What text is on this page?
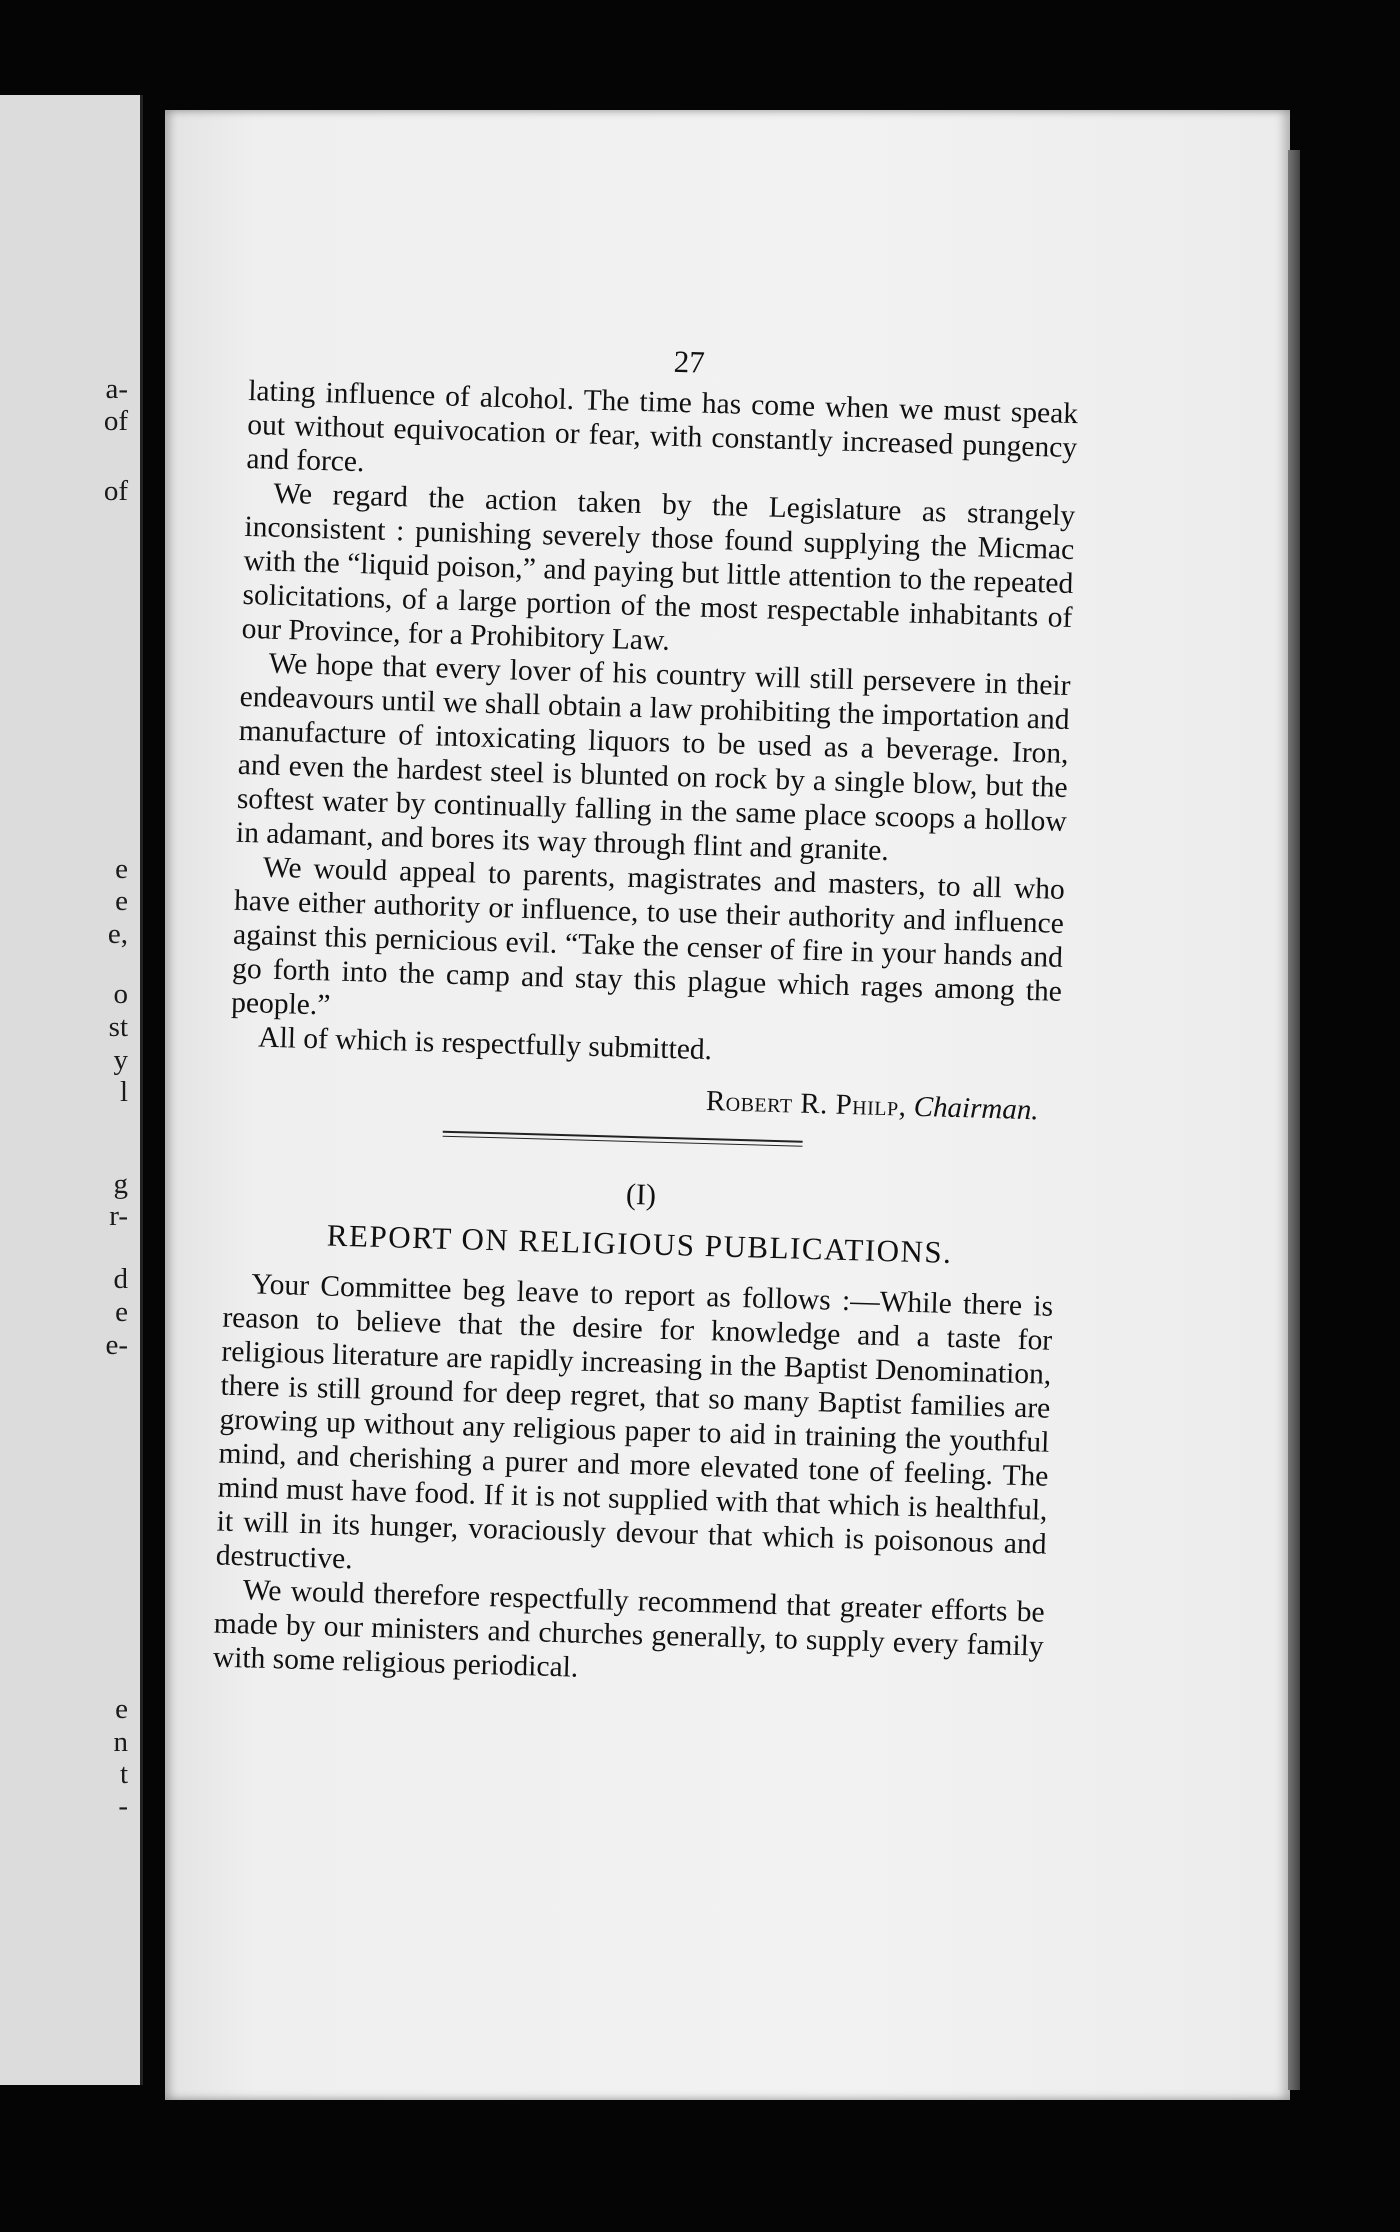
a-
of
of
e
e
e,
o
st
y
l
g
r-
d
e
e-
e
n
t
-
27

lating influence of alcohol. The time has come when we must speak out without equivocation or fear, with constantly increased pungency and force.

We regard the action taken by the Legislature as strangely inconsistent : punishing severely those found supplying the Micmac with the “liquid poison,” and paying but little attention to the repeated solicitations, of a large portion of the most respectable inhabitants of our Province, for a Prohibitory Law.

We hope that every lover of his country will still persevere in their endeavours until we shall obtain a law prohibiting the importation and manufacture of intoxicating liquors to be used as a beverage. Iron, and even the hardest steel is blunted on rock by a single blow, but the softest water by continually falling in the same place scoops a hollow in adamant, and bores its way through flint and granite.

We would appeal to parents, magistrates and masters, to all who have either authority or influence, to use their authority and influence against this pernicious evil. “Take the censer of fire in your hands and go forth into the camp and stay this plague which rages among the people.”

All of which is respectfully submitted.

Robert R. Philp, Chairman.
(I)
REPORT ON RELIGIOUS PUBLICATIONS.

Your Committee beg leave to report as follows :—While there is reason to believe that the desire for knowledge and a taste for religious literature are rapidly increasing in the Baptist Denomination, there is still ground for deep regret, that so many Baptist families are growing up without any religious paper to aid in training the youthful mind, and cherishing a purer and more elevated tone of feeling. The mind must have food. If it is not supplied with that which is healthful, it will in its hunger, voraciously devour that which is poisonous and destructive.

We would therefore respectfully recommend that greater efforts be made by our ministers and churches generally, to supply every family with some religious periodical.
